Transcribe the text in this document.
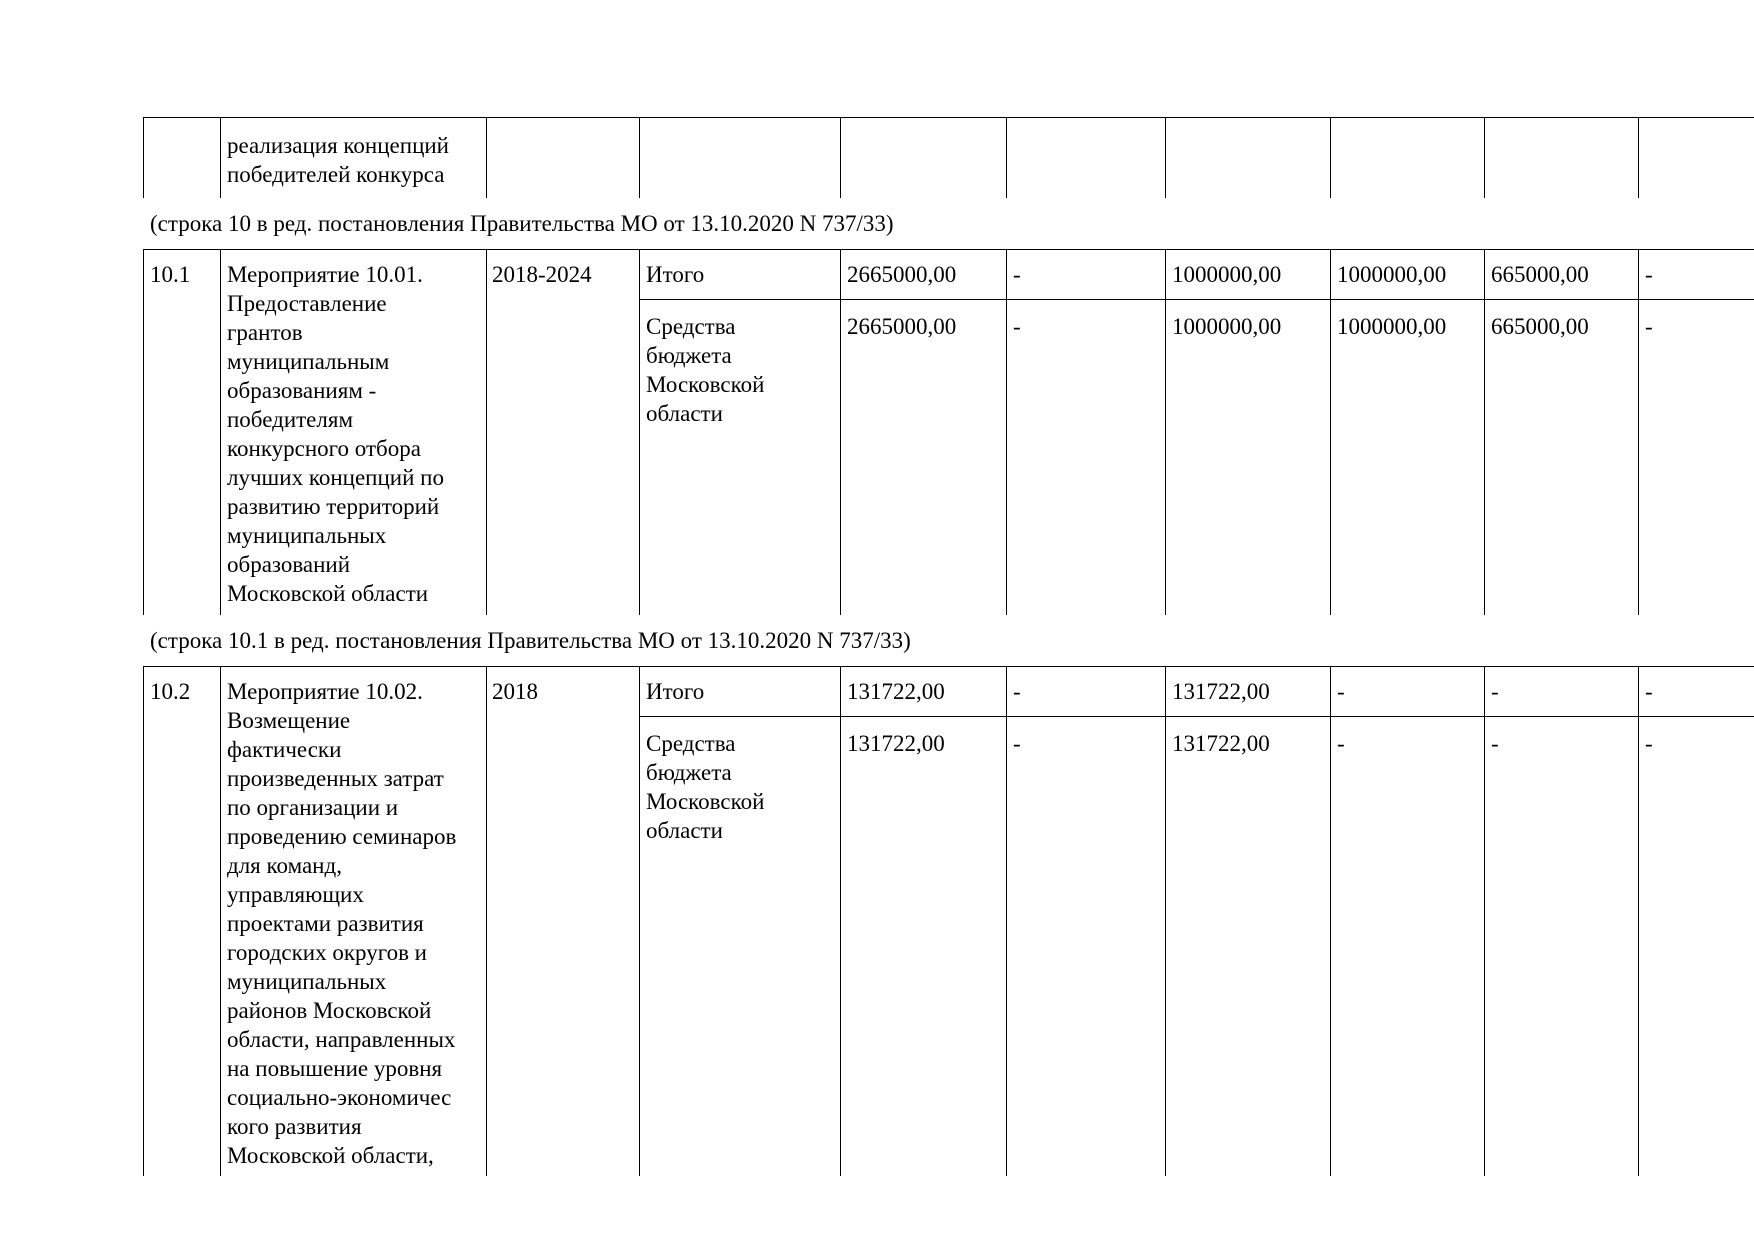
реализация концепций
победителей конкурса
(строка 10 в ред. постановления Правительства МО от 13.10.2020 N 737/33)
10.1 Мероприятие 10.01.
Предоставление
грантов
муниципальным
образованиям -
победителям
конкурсного отбора
лучших концепций по
развитию территорий
муниципальных
образований
Московской области
2018-2024 Итого	2665000,00 -	1000000,00 1000000,00 665000,00 -
Средства
бюджета
Московской
области
2665000,00 -	1000000,00 1000000,00 665000,00 -
(строка 10.1 в ред. постановления Правительства МО от 13.10.2020 N 737/33)
10.2 Мероприятие 10.02.
Возмещение
фактически
произведенных затрат
по организации и
проведению семинаров
для команд,
управляющих
проектами развития
городских округов и
муниципальных
районов Московской
области, направленных
на повышение уровня
социально-экономичес
кого развития
Московской области,
2018	Итого	131722,00	-	131722,00	-	-	-
Средства
бюджета
Московской
области
131722,00	-	131722,00	-	-	-
